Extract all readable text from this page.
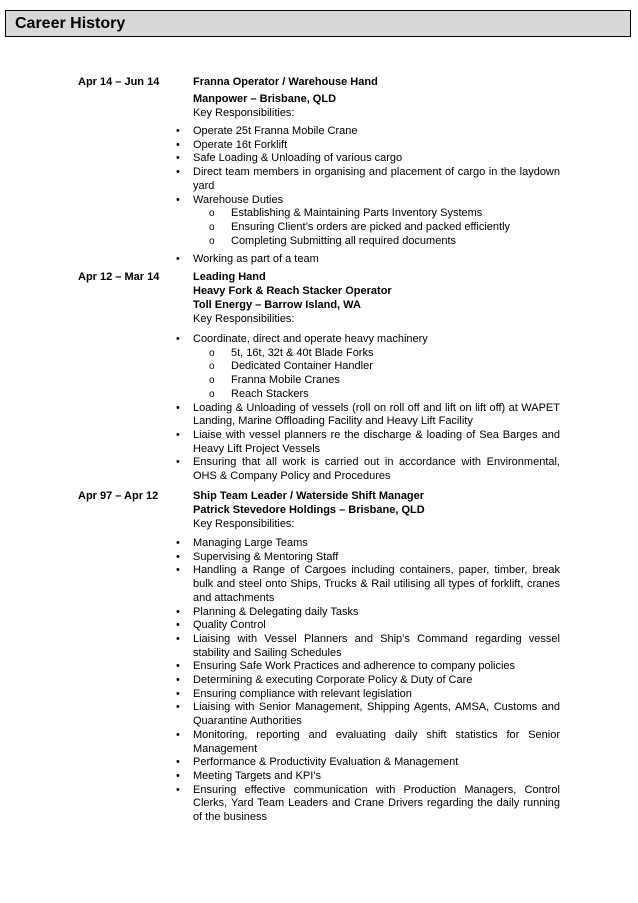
Career History
Apr 14 – Jun 14	Franna Operator / Warehouse Hand
Manpower – Brisbane, QLD
Key Responsibilities:
• Operate 25t Franna Mobile Crane
• Operate 16t Forklift
• Safe Loading & Unloading of various cargo
• Direct team members in organising and placement of cargo in the laydown yard
• Warehouse Duties
o Establishing & Maintaining Parts Inventory Systems
o Ensuring Client’s orders are picked and packed efficiently
o Completing Submitting all required documents
• Working as part of a team
Apr 12 – Mar 14	Leading Hand
Heavy Fork & Reach Stacker Operator
Toll Energy – Barrow Island, WA
Key Responsibilities:
• Coordinate, direct and operate heavy machinery
o 5t, 16t, 32t & 40t Blade Forks
o Dedicated Container Handler
o Franna Mobile Cranes
o Reach Stackers
• Loading & Unloading of vessels (roll on roll off and lift on lift off) at WAPET Landing, Marine Offloading Facility and Heavy Lift Facility
• Liaise with vessel planners re the discharge & loading of Sea Barges and Heavy Lift Project Vessels
• Ensuring that all work is carried out in accordance with Environmental, OHS & Company Policy and Procedures
Apr 97 – Apr 12	Ship Team Leader / Waterside Shift Manager
Patrick Stevedore Holdings – Brisbane, QLD
Key Responsibilities:
• Managing Large Teams
• Supervising & Mentoring Staff
• Handling a Range of Cargoes including containers, paper, timber, break bulk and steel onto Ships, Trucks & Rail utilising all types of forklift, cranes and attachments
• Planning & Delegating daily Tasks
• Quality Control
• Liaising with Vessel Planners and Ship’s Command regarding vessel stability and Sailing Schedules
• Ensuring Safe Work Practices and adherence to company policies
• Determining & executing Corporate Policy & Duty of Care
• Ensuring compliance with relevant legislation
• Liaising with Senior Management, Shipping Agents, AMSA, Customs and Quarantine Authorities
• Monitoring, reporting and evaluating daily shift statistics for Senior Management
• Performance & Productivity Evaluation & Management
• Meeting Targets and KPI’s
• Ensuring effective communication with Production Managers, Control Clerks, Yard Team Leaders and Crane Drivers regarding the daily running of the business
